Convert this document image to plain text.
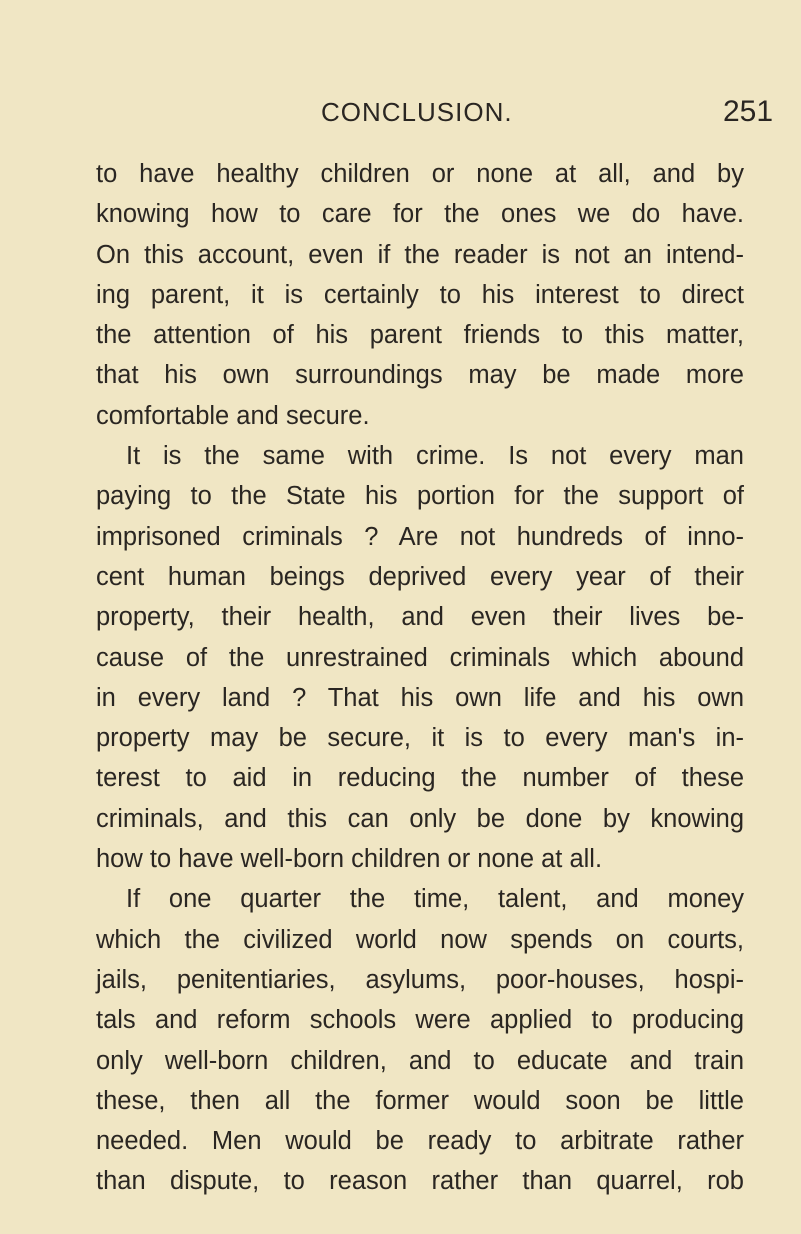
CONCLUSION.	251
to have healthy children or none at all, and by
knowing how to care for the ones we do have.
On this account, even if the reader is not an intend-
ing parent, it is certainly to his interest to direct
the attention of his parent friends to this matter,
that his own surroundings may be made more
comfortable and secure.
It is the same with crime. Is not every man
paying to the State his portion for the support of
imprisoned criminals ? Are not hundreds of inno-
cent human beings deprived every year of their
property, their health, and even their lives be-
cause of the unrestrained criminals which abound
in every land ? That his own life and his own
property may be secure, it is to every man's in-
terest to aid in reducing the number of these
criminals, and this can only be done by knowing
how to have well-born children or none at all.
If one quarter the time, talent, and money
which the civilized world now spends on courts,
jails, penitentiaries, asylums, poor-houses, hospi-
tals and reform schools were applied to producing
only well-born children, and to educate and train
these, then all the former would soon be little
needed. Men would be ready to arbitrate rather
than dispute, to reason rather than quarrel, rob
